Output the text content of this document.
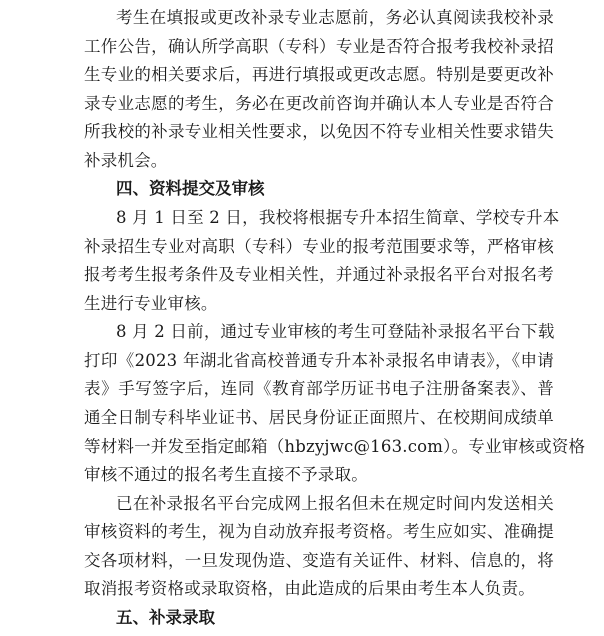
考生在填报或更改补录专业志愿前，务必认真阅读我校补录
工作公告，确认所学高职（专科）专业是否符合报考我校补录招
生专业的相关要求后，再进行填报或更改志愿。特别是要更改补
录专业志愿的考生，务必在更改前咨询并确认本人专业是否符合
所我校的补录专业相关性要求，以免因不符专业相关性要求错失
补录机会。
四、资料提交及审核
8 月 1 日至 2 日，我校将根据专升本招生简章、学校专升本
补录招生专业对高职（专科）专业的报考范围要求等，严格审核
报考考生报考条件及专业相关性，并通过补录报名平台对报名考
生进行专业审核。
8 月 2 日前，通过专业审核的考生可登陆补录报名平台下载
打印《2023 年湖北省高校普通专升本补录报名申请表》，《申请
表》手写签字后，连同《教育部学历证书电子注册备案表》、普
通全日制专科毕业证书、居民身份证正面照片、在校期间成绩单
等材料一并发至指定邮箱（hbzyjwc@163.com）。专业审核或资格
审核不通过的报名考生直接不予录取。
已在补录报名平台完成网上报名但未在规定时间内发送相关
审核资料的考生，视为自动放弃报考资格。考生应如实、准确提
交各项材料，一旦发现伪造、变造有关证件、材料、信息的，将
取消报考资格或录取资格，由此造成的后果由考生本人负责。
五、补录录取
